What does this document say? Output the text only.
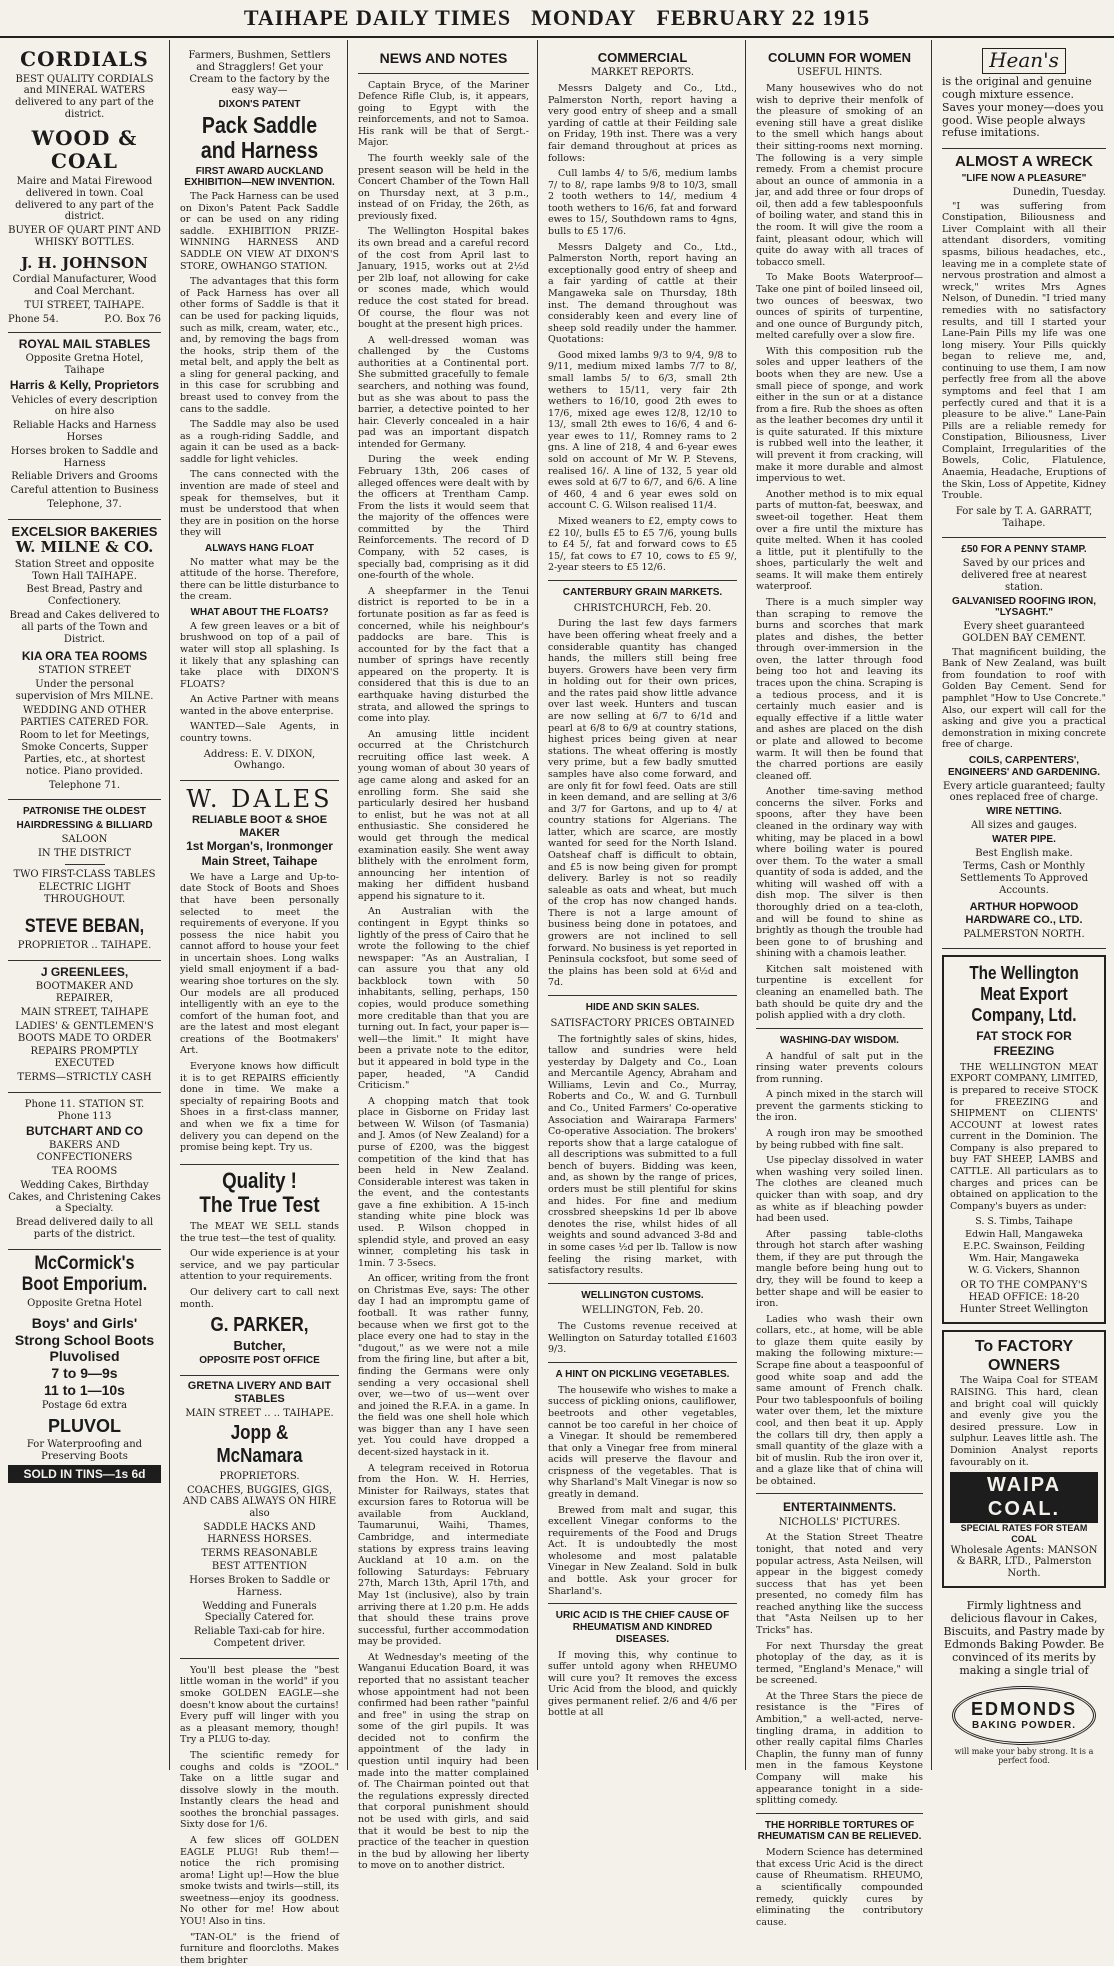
TAIHAPE DAILY TIMES MONDAY FEBRUARY 22 1915
CORDIALS

BEST QUALITY CORDIALS and MINERAL WATERS delivered to any part of the district.

WOOD & COAL

Maire and Matai Firewood delivered in town. Coal delivered to any part of the district.

BUYER OF QUART PINT AND WHISKY BOTTLES.

J. H. JOHNSON

Cordial Manufacturer, Wood and Coal Merchant.

TUI STREET, TAIHAPE.

Phone 54.	P.O. Box 76
ROYAL MAIL STABLES

Opposite Gretna Hotel, Taihape

Harris & Kelly, Proprietors

Vehicles of every description on hire also

Reliable Hacks and Harness Horses

Horses broken to Saddle and Harness

Reliable Drivers and Grooms

Careful attention to Business

Telephone, 37.

EXCELSIOR BAKERIES
W. MILNE & CO.

Station Street and opposite Town Hall TAIHAPE.

Best Bread, Pastry and Confectionery.

Bread and Cakes delivered to all parts of the Town and District.

KIA ORA TEA ROOMS

STATION STREET

Under the personal supervision of Mrs MILNE.

WEDDING AND OTHER PARTIES CATERED FOR.

Room to let for Meetings, Smoke Concerts, Supper Parties, etc., at shortest notice. Piano provided.

Telephone 71.

PATRONISE THE OLDEST

HAIRDRESSING & BILLIARD

SALOON

IN THE DISTRICT

TWO FIRST-CLASS TABLES

ELECTRIC LIGHT THROUGHOUT.

STEVE BEBAN,

PROPRIETOR .. TAIHAPE.

J GREENLEES,

BOOTMAKER AND REPAIRER,

MAIN STREET, TAIHAPE

LADIES' & GENTLEMEN'S BOOTS MADE TO ORDER

REPAIRS PROMPTLY EXECUTED

TERMS—STRICTLY CASH

Phone 11. STATION ST. Phone 113

BUTCHART AND CO

BAKERS AND CONFECTIONERS

TEA ROOMS

Wedding Cakes, Birthday Cakes, and Christening Cakes a Specialty.

Bread delivered daily to all parts of the district.

McCormick's Boot Emporium.

Opposite Gretna Hotel

Boys' and Girls' Strong School Boots Pluvolised
7 to 9—9s
11 to 1—10s

Postage 6d extra

PLUVOL

For Waterproofing and Preserving Boots

SOLD IN TINS—1s 6d

Farmers, Bushmen, Settlers and Stragglers! Get your Cream to the factory by the easy way—

DIXON'S PATENT

Pack Saddle and Harness

FIRST AWARD AUCKLAND EXHIBITION—NEW INVENTION.

The Pack Harness can be used on Dixon's Patent Pack Saddle or can be used on any riding saddle. EXHIBITION PRIZE-WINNING HARNESS AND SADDLE ON VIEW AT DIXON'S STORE, OWHANGO STATION.

The advantages that this form of Pack Harness has over all other forms of Saddle is that it can be used for packing liquids, such as milk, cream, water, etc., and, by removing the bags from the hooks, strip them of the metal belt, and apply the belt as a sling for general packing, and in this case for scrubbing and breast used to convey from the cans to the saddle.

The Saddle may also be used as a rough-riding Saddle, and again it can be used as a back-saddle for light vehicles.

The cans connected with the invention are made of steel and speak for themselves, but it must be understood that when they are in position on the horse they will

ALWAYS HANG FLOAT

No matter what may be the attitude of the horse. Therefore, there can be little disturbance to the cream.

WHAT ABOUT THE FLOATS?

A few green leaves or a bit of brushwood on top of a pail of water will stop all splashing. Is it likely that any splashing can take place with DIXON'S FLOATS?

An Active Partner with means wanted in the above enterprise.

WANTED—Sale Agents, in country towns.

Address: E. V. DIXON, Owhango.

W. DALES
RELIABLE BOOT & SHOE MAKER
1st Morgan's, Ironmonger
Main Street, Taihape

We have a Large and Up-to-date Stock of Boots and Shoes that have been personally selected to meet the requirements of everyone. If you possess the nice habit you cannot afford to house your feet in uncertain shoes. Long walks yield small enjoyment if a bad-wearing shoe tortures on the sly. Our models are all produced intelligently with an eye to the comfort of the human foot, and are the latest and most elegant creations of the Bootmakers' Art.

Everyone knows how difficult it is to get REPAIRS efficiently done in time. We make a specialty of repairing Boots and Shoes in a first-class manner, and when we fix a time for delivery you can depend on the promise being kept. Try us.

Quality !
The True Test

The MEAT WE SELL stands the true test—the test of quality.

Our wide experience is at your service, and we pay particular attention to your requirements.

Our delivery cart to call next month.

G. PARKER,
Butcher,

OPPOSITE POST OFFICE

GRETNA LIVERY AND BAIT STABLES

MAIN STREET .. .. TAIHAPE.

Jopp & McNamara

PROPRIETORS.

COACHES, BUGGIES, GIGS, AND CABS ALWAYS ON HIRE also

SADDLE HACKS AND HARNESS HORSES.

TERMS REASONABLE

BEST ATTENTION

Horses Broken to Saddle or Harness.

Wedding and Funerals Specially Catered for.

Reliable Taxi-cab for hire. Competent driver.

You'll best please the "best little woman in the world" if you smoke GOLDEN EAGLE—she doesn't know about the curtains! Every puff will linger with you as a pleasant memory, though! Try a PLUG to-day.

The scientific remedy for coughs and colds is "ZOOL." Take on a little sugar and dissolve slowly in the mouth. Instantly clears the head and soothes the bronchial passages. Sixty dose for 1/6.

A few slices off GOLDEN EAGLE PLUG! Rub them!—notice the rich promising aroma! Light up!—How the blue smoke twists and twirls—still, its sweetness—enjoy its goodness. No other for me! How about YOU! Also in tins.

"TAN-OL" is the friend of furniture and floorcloths. Makes them brighter

NEWS AND NOTES

Captain Bryce, of the Mariner Defence Rifle Club, is, it appears, going to Egypt with the reinforcements, and not to Samoa. His rank will be that of Sergt.-Major.

The fourth weekly sale of the present season will be held in the Concert Chamber of the Town Hall on Thursday next, at 3 p.m., instead of on Friday, the 26th, as previously fixed.

The Wellington Hospital bakes its own bread and a careful record of the cost from April last to January, 1915, works out at 2½d per 2lb loaf, not allowing for cake or scones made, which would reduce the cost stated for bread. Of course, the flour was not bought at the present high prices.

A well-dressed woman was challenged by the Customs authorities at a Continental port. She submitted gracefully to female searchers, and nothing was found, but as she was about to pass the barrier, a detective pointed to her hair. Cleverly concealed in a hair pad was an important dispatch intended for Germany.

During the week ending February 13th, 206 cases of alleged offences were dealt with by the officers at Trentham Camp. From the lists it would seem that the majority of the offences were committed by the Third Reinforcements. The record of D Company, with 52 cases, is specially bad, comprising as it did one-fourth of the whole.

A sheepfarmer in the Tenui district is reported to be in a fortunate position as far as feed is concerned, while his neighbour's paddocks are bare. This is accounted for by the fact that a number of springs have recently appeared on the property. It is considered that this is due to an earthquake having disturbed the strata, and allowed the springs to come into play.

An amusing little incident occurred at the Christchurch recruiting office last week. A young woman of about 30 years of age came along and asked for an enrolling form. She said she particularly desired her husband to enlist, but he was not at all enthusiastic. She considered he would get through the medical examination easily. She went away blithely with the enrolment form, announcing her intention of making her diffident husband append his signature to it.

An Australian with the contingent in Egypt thinks so lightly of the press of Cairo that he wrote the following to the chief newspaper: "As an Australian, I can assure you that any old backblock town with 50 inhabitants, selling, perhaps, 150 copies, would produce something more creditable than that you are turning out. In fact, your paper is—well—the limit." It might have been a private note to the editor, but it appeared in bold type in the paper, headed, "A Candid Criticism."

A chopping match that took place in Gisborne on Friday last between W. Wilson (of Tasmania) and J. Amos (of New Zealand) for a purse of £200, was the biggest competition of the kind that has been held in New Zealand. Considerable interest was taken in the event, and the contestants gave a fine exhibition. A 15-inch standing white pine block was used. P. Wilson chopped in splendid style, and proved an easy winner, completing his task in 1min. 7 3-5secs.

An officer, writing from the front on Christmas Eve, says: The other day I had an impromptu game of football. It was rather funny, because when we first got to the place every one had to stay in the "dugout," as we were not a mile from the firing line, but after a bit, finding the Germans were only sending a very occasional shell over, we—two of us—went over and joined the R.F.A. in a game. In the field was one shell hole which was bigger than any I have seen yet. You could have dropped a decent-sized haystack in it.

A telegram received in Rotorua from the Hon. W. H. Herries, Minister for Railways, states that excursion fares to Rotorua will be available from Auckland, Taumarunui, Waihi, Thames, Cambridge, and intermediate stations by express trains leaving Auckland at 10 a.m. on the following Saturdays: February 27th, March 13th, April 17th, and May 1st (inclusive), also by train arriving there at 1.20 p.m. He adds that should these trains prove successful, further accommodation may be provided.

At Wednesday's meeting of the Wanganui Education Board, it was reported that no assistant teacher whose appointment had not been confirmed had been rather "painful and free" in using the strap on some of the girl pupils. It was decided not to confirm the appointment of the lady in question until inquiry had been made into the matter complained of. The Chairman pointed out that the regulations expressly directed that corporal punishment should not be used with girls, and said that it would be best to nip the practice of the teacher in question in the bud by allowing her liberty to move on to another district.

COMMERCIAL
MARKET REPORTS.

Messrs Dalgety and Co., Ltd., Palmerston North, report having a very good entry of sheep and a small yarding of cattle at their Feilding sale on Friday, 19th inst. There was a very fair demand throughout at prices as follows:

Cull lambs 4/ to 5/6, medium lambs 7/ to 8/, rape lambs 9/8 to 10/3, small 2 tooth wethers to 14/, medium 4 tooth wethers to 16/6, fat and forward ewes to 15/, Southdown rams to 4gns, bulls to £5 17/6.

Messrs Dalgety and Co., Ltd., Palmerston North, report having an exceptionally good entry of sheep and a fair yarding of cattle at their Mangaweka sale on Thursday, 18th inst. The demand throughout was considerably keen and every line of sheep sold readily under the hammer. Quotations:

Good mixed lambs 9/3 to 9/4, 9/8 to 9/11, medium mixed lambs 7/7 to 8/, small lambs 5/ to 6/3, small 2th wethers to 15/11, very fair 2th wethers to 16/10, good 2th ewes to 17/6, mixed age ewes 12/8, 12/10 to 13/, small 2th ewes to 16/6, 4 and 6-year ewes to 11/, Romney rams to 2 gns. A line of 218, 4 and 6-year ewes sold on account of Mr W. P. Stevens, realised 16/. A line of 132, 5 year old ewes sold at 6/7 to 6/7, and 6/6. A line of 460, 4 and 6 year ewes sold on account C. G. Wilson realised 11/4.

Mixed weaners to £2, empty cows to £2 10/, bulls £5 to £5 7/6, young bulls to £4 5/, fat and forward cows to £5 15/, fat cows to £7 10, cows to £5 9/, 2-year steers to £5 12/6.

CANTERBURY GRAIN MARKETS.
CHRISTCHURCH, Feb. 20.

During the last few days farmers have been offering wheat freely and a considerable quantity has changed hands, the millers still being free buyers. Growers have been very firm in holding out for their own prices, and the rates paid show little advance over last week. Hunters and tuscan are now selling at 6/7 to 6/1d and pearl at 6/8 to 6/9 at country stations, highest prices being given at near stations. The wheat offering is mostly very prime, but a few badly smutted samples have also come forward, and are only fit for fowl feed. Oats are still in keen demand, and are selling at 3/6 and 3/7 for Gartons, and up to 4/ at country stations for Algerians. The latter, which are scarce, are mostly wanted for seed for the North Island. Oatsheaf chaff is difficult to obtain, and £5 is now being given for prompt delivery. Barley is not so readily saleable as oats and wheat, but much of the crop has now changed hands. There is not a large amount of business being done in potatoes, and growers are not inclined to sell forward. No business is yet reported in Peninsula cocksfoot, but some seed of the plains has been sold at 6½d and 7d.

HIDE AND SKIN SALES.
SATISFACTORY PRICES OBTAINED

The fortnightly sales of skins, hides, tallow and sundries were held yesterday by Dalgety and Co., Loan and Mercantile Agency, Abraham and Williams, Levin and Co., Murray, Roberts and Co., W. and G. Turnbull and Co., United Farmers' Co-operative Association and Wairarapa Farmers' Co-operative Association. The brokers' reports show that a large catalogue of all descriptions was submitted to a full bench of buyers. Bidding was keen, and, as shown by the range of prices, orders must be still plentiful for skins and hides. For fine and medium crossbred sheepskins 1d per lb above denotes the rise, whilst hides of all weights and sound advanced 3-8d and in some cases ½d per lb. Tallow is now feeling the rising market, with satisfactory results.

WELLINGTON CUSTOMS.
WELLINGTON, Feb. 20.

The Customs revenue received at Wellington on Saturday totalled £1603 9/3.

A HINT ON PICKLING VEGETABLES.

The housewife who wishes to make a success of pickling onions, cauliflower, beetroots and other vegetables, cannot be too careful in her choice of a Vinegar. It should be remembered that only a Vinegar free from mineral acids will preserve the flavour and crispness of the vegetables. That is why Sharland's Malt Vinegar is now so greatly in demand.

Brewed from malt and sugar, this excellent Vinegar conforms to the requirements of the Food and Drugs Act. It is undoubtedly the most wholesome and most palatable Vinegar in New Zealand. Sold in bulk and bottle. Ask your grocer for Sharland's.

URIC ACID IS THE CHIEF CAUSE OF RHEUMATISM AND KINDRED DISEASES.

If moving this, why continue to suffer untold agony when RHEUMO will cure you? It removes the excess Uric Acid from the blood, and quickly gives permanent relief. 2/6 and 4/6 per bottle at all

COLUMN FOR WOMEN
USEFUL HINTS.

Many housewives who do not wish to deprive their menfolk of the pleasure of smoking of an evening still have a great dislike to the smell which hangs about their sitting-rooms next morning. The following is a very simple remedy. From a chemist procure about an ounce of ammonia in a jar, and add three or four drops of oil, then add a few tablespoonfuls of boiling water, and stand this in the room. It will give the room a faint, pleasant odour, which will quite do away with all traces of tobacco smell.

To Make Boots Waterproof—Take one pint of boiled linseed oil, two ounces of beeswax, two ounces of spirits of turpentine, and one ounce of Burgundy pitch, melted carefully over a slow fire.

With this composition rub the soles and upper leathers of the boots when they are new. Use a small piece of sponge, and work either in the sun or at a distance from a fire. Rub the shoes as often as the leather becomes dry until it is quite saturated. If this mixture is rubbed well into the leather, it will prevent it from cracking, will make it more durable and almost impervious to wet.

Another method is to mix equal parts of mutton-fat, beeswax, and sweet-oil together. Heat them over a fire until the mixture has quite melted. When it has cooled a little, put it plentifully to the shoes, particularly the welt and seams. It will make them entirely waterproof.

There is a much simpler way than scraping to remove the burns and scorches that mark plates and dishes, the better through over-immersion in the oven, the latter through food being too hot and leaving its traces upon the china. Scraping is a tedious process, and it is certainly much easier and is equally effective if a little water and ashes are placed on the dish or plate and allowed to become warm. It will then be found that the charred portions are easily cleaned off.

Another time-saving method concerns the silver. Forks and spoons, after they have been cleaned in the ordinary way with whiting, may be placed in a bowl where boiling water is poured over them. To the water a small quantity of soda is added, and the whiting will washed off with a dish mop. The silver is then thoroughly dried on a tea-cloth, and will be found to shine as brightly as though the trouble had been gone to of brushing and shining with a chamois leather.

Kitchen salt moistened with turpentine is excellent for cleaning an enamelled bath. The bath should be quite dry and the polish applied with a dry cloth.

WASHING-DAY WISDOM.

A handful of salt put in the rinsing water prevents colours from running.

A pinch mixed in the starch will prevent the garments sticking to the iron.

A rough iron may be smoothed by being rubbed with fine salt.

Use pipeclay dissolved in water when washing very soiled linen. The clothes are cleaned much quicker than with soap, and dry as white as if bleaching powder had been used.

After passing table-cloths through hot starch after washing them, if they are put through the mangle before being hung out to dry, they will be found to keep a better shape and will be easier to iron.

Ladies who wash their own collars, etc., at home, will be able to glaze them quite easily by making the following mixture:—Scrape fine about a teaspoonful of good white soap and add the same amount of French chalk. Pour two tablespoonfuls of boiling water over them, let the mixture cool, and then beat it up. Apply the collars till dry, then apply a small quantity of the glaze with a bit of muslin. Rub the iron over it, and a glaze like that of china will be obtained.

ENTERTAINMENTS.
NICHOLLS' PICTURES.

At the Station Street Theatre tonight, that noted and very popular actress, Asta Neilsen, will appear in the biggest comedy success that has yet been presented, no comedy film has reached anything like the success that "Asta Neilsen up to her Tricks" has.

For next Thursday the great photoplay of the day, as it is termed, "England's Menace," will be screened.

At the Three Stars the piece de resistance is the "Fires of Ambition," a well-acted, nerve-tingling drama, in addition to other really capital films Charles Chaplin, the funny man of funny men in the famous Keystone Company will make his appearance tonight in a side-splitting comedy.

THE HORRIBLE TORTURES OF RHEUMATISM CAN BE RELIEVED.

Modern Science has determined that excess Uric Acid is the direct cause of Rheumatism. RHEUMO, a scientifically compounded remedy, quickly cures by eliminating the contributory cause.

Hean's

is the original and genuine cough mixture essence. Saves your money—does you good. Wise people always refuse imitations.

ALMOST A WRECK

"LIFE NOW A PLEASURE"

Dunedin, Tuesday.

"I was suffering from Constipation, Biliousness and Liver Complaint with all their attendant disorders, vomiting spasms, bilious headaches, etc., leaving me in a complete state of nervous prostration and almost a wreck," writes Mrs Agnes Nelson, of Dunedin. "I tried many remedies with no satisfactory results, and till I started your Lane-Pain Pills my life was one long misery. Your Pills quickly began to relieve me, and, continuing to use them, I am now perfectly free from all the above symptoms and feel that I am perfectly cured and that it is a pleasure to be alive." Lane-Pain Pills are a reliable remedy for Constipation, Biliousness, Liver Complaint, Irregularities of the Bowels, Colic, Flatulence, Anaemia, Headache, Eruptions of the Skin, Loss of Appetite, Kidney Trouble.

For sale by T. A. GARRATT, Taihape.

£50 FOR A PENNY STAMP.

Saved by our prices and delivered free at nearest station.

GALVANISED ROOFING IRON, "LYSAGHT."

Every sheet guaranteed GOLDEN BAY CEMENT.

That magnificent building, the Bank of New Zealand, was built from foundation to roof with Golden Bay Cement. Send for pamphlet "How to Use Concrete." Also, our expert will call for the asking and give you a practical demonstration in mixing concrete free of charge.

COILS, CARPENTERS', ENGINEERS' AND GARDENING.

Every article guaranteed; faulty ones replaced free of charge.

WIRE NETTING.

All sizes and gauges.

WATER PIPE.

Best English make.

Terms, Cash or Monthly Settlements To Approved Accounts.

ARTHUR HOPWOOD HARDWARE CO., LTD.

PALMERSTON NORTH.

The Wellington Meat Export Company, Ltd.
FAT STOCK FOR FREEZING

THE WELLINGTON MEAT EXPORT COMPANY, LIMITED, is prepared to receive STOCK for FREEZING and SHIPMENT on CLIENTS' ACCOUNT at lowest rates current in the Dominion. The Company is also prepared to buy FAT SHEEP, LAMBS and CATTLE. All particulars as to charges and prices can be obtained on application to the Company's buyers as under:

S. S. Timbs, Taihape

Edwin Hall, Mangaweka

E.P.C. Swainson, Feilding

Wm. Hair, Mangaweka

W. G. Vickers, Shannon

OR TO THE COMPANY'S HEAD OFFICE: 18-20 Hunter Street Wellington

To FACTORY OWNERS

The Waipa Coal for STEAM RAISING. This hard, clean and bright coal will quickly and evenly give you the desired pressure. Low in sulphur. Leaves little ash. The Dominion Analyst reports favourably on it.

WAIPA COAL.

SPECIAL RATES FOR STEAM COAL

Wholesale Agents: MANSON & BARR, LTD., Palmerston North.

Firmly lightness and delicious flavour in Cakes, Biscuits, and Pastry made by Edmonds Baking Powder. Be convinced of its merits by making a single trial of

EDMONDS
BAKING POWDER.

will make your baby strong. It is a perfect food.
